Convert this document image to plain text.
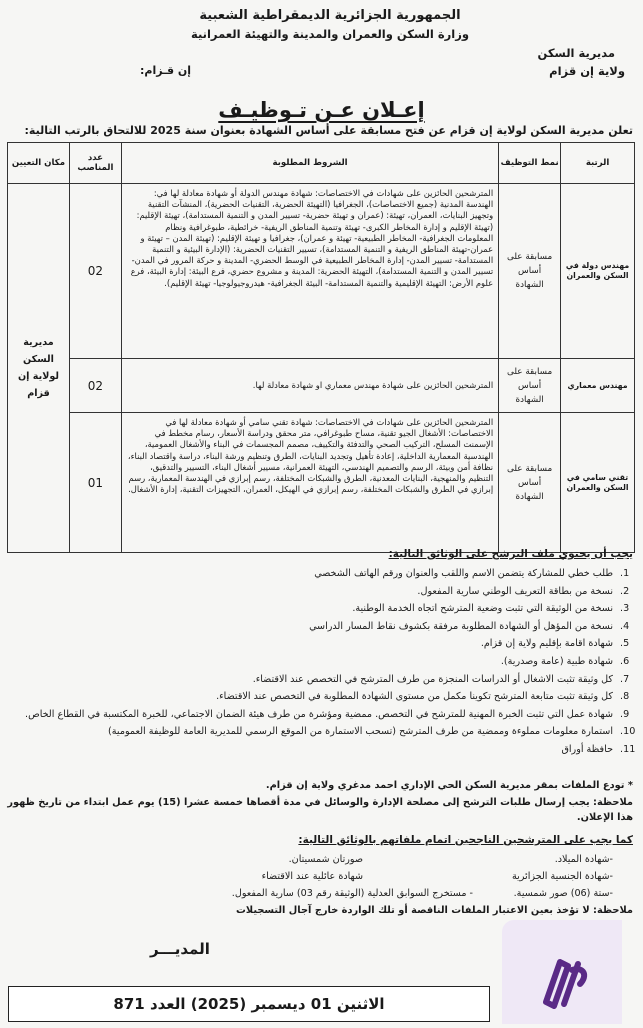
الجمهورية الجزائرية الديمقراطية الشعبية
وزارة السكن والعمران والمدينة والتهيئة العمرانية
مديرية السكن
ولاية إن قزام
إن قـزام:
إعـلان عـن تـوظيـف
تعلن مديرية السكن لولاية إن قزام عن فتح مسابقة على أساس الشهادة بعنوان سنة 2025 للالتحاق بالرتب التالية:
الرتبة	نمط التوظيف	الشروط المطلوبة	عدد المناصب	مكان التعيين
مهندس دولة في السكن والعمران	مسابقة على أساس الشهادة	المترشحين الحائزين على شهادات في الاختصاصات: شهادة مهندس الدولة أو شهادة معادلة لها في: الهندسة المدنية (جميع الاختصاصات)، الجغرافيا (التهيئة الحضرية، التقنيات الحضرية)، المنشآت التقنية وتجهيز البنايات، العمران، تهيئة: (عمران و تهيئة حضرية- تسيير المدن و التنمية المستدامة)، تهيئة الإقليم: (تهيئة الإقليم و إدارة المخاطر الكبرى- تهيئة وتنمية المناطق الريفية- خرائطية، طبوغرافية ونظام المعلومات الجغرافية- المخاطر الطبيعية- تهيئة و عمران)، جغرافيا و تهيئة الإقليم: (تهيئة المدن – تهيئة و عمران-تهيئة المناطق الريفية و التنمية المستدامة)، تسيير التقنيات الحضرية: (الإدارة البيئية و التنمية المستدامة- تسيير المدن- إدارة المخاطر الطبيعية في الوسط الحضري- المدينة و حركة المرور في المدن- تسيير المدن و التنمية المستدامة)، التهيئة الحضرية: المدينة و مشروع حضري، فرع البيئة: إدارة البيئة، فرع علوم الأرض: التهيئة الإقليمية والتنمية المستدامة- البيئة الجغرافية- هيدروجيولوجيا- تهيئة الإقليم).	02	مديرية السكن لولاية إن قزام
مهندس معماري	مسابقة على أساس الشهادة	المترشحين الحائزين على شهادة مهندس معماري او شهادة معادلة لها.	02	
تقني سامي في السكن والعمران	مسابقة على أساس الشهادة	المترشحين الحائزين على شهادات في الاختصاصات: شهادة تقني سامي أو شهادة معادلة لها في الاختصاصات: الأشغال الجيو تقنية، مساح طبوغرافي، متر محقق ودراسة الأسعار، رسام مخطط في الإسمنت المسلح، التركيب الصحي والتدفئة والتكييف، مصمم المجسمات في البناء والأشغال العمومية، الهندسية المعمارية الداخلية، إعادة تأهيل وتجديد البنايات، الطرق وتنظيم ورشة البناء، دراسة واقتصاد البناء، نظافة أمن وبيئة، الرسم والتصميم الهندسي، التهيئة العمرانية، مسيير أشغال البناء، التسيير والتدقيق، التنظيم والمنهجية، البنايات المعدنية، الطرق والشبكات المختلفة، رسم إبرازي في الهندسة المعمارية، رسم إبرازي في الطرق والشبكات المختلفة، رسم إبرازي في الهيكل، العمران، التجهيزات التقنية، إدارة الأشغال.	01	
يجب أن يحتوي ملف الترشح على الوثائق التالية:
1. طلب خطي للمشاركة يتضمن الاسم واللقب والعنوان ورقم الهاتف الشخصي
2. نسخة من بطاقة التعريف الوطني سارية المفعول.
3. نسخة من الوثيقة التي تثبت وضعية المترشح اتجاه الخدمة الوطنية.
4. نسخة من المؤهل أو الشهادة المطلوبة مرفقة بكشوف نقاط المسار الدراسي
5. شهادة اقامة بإقليم ولاية إن قزام.
6. شهادة طبية (عامة وصدرية).
7. كل وثيقة تثبت الاشغال أو الدراسات المنجزة من طرف المترشح في التخصص عند الاقتضاء.
8. كل وثيقة تثبت متابعة المترشح تكوينا مكمل من مستوى الشهادة المطلوبة في التخصص عند الاقتضاء.
9. شهادة عمل التي تثبت الخبرة المهنية للمترشح في التخصص. ممضية ومؤشرة من طرف هيئة الضمان الاجتماعي، للخبرة المكتسبة في القطاع الخاص.
10. استمارة معلومات مملوءة وممضية من طرف المترشح (تسحب الاستمارة من الموقع الرسمي للمديرية العامة للوظيفة العمومية)
11. حافظة أوراق
* تودع الملفات بمقر مديرية السكن الحي الإداري احمد مدغري ولاية إن قزام.
ملاحظة: يجب إرسال طلبات الترشح إلى مصلحة الإدارة والوسائل في مدة أقصاها خمسة عشرا (15) يوم عمل ابتداء من تاريخ ظهور هذا الإعلان.
كما يجب على المترشحين الناجحين اتمام ملفاتهم بالوثائق التالية:
-شهادة الميلاد.
صورتان شمسيتان.
-شهادة الجنسية الجزائرية
شهادة عائلية عند الاقتضاء
-ستة (06) صور شمسية.
- مستخرج السوابق العدلية (الوثيقة رقم 03) سارية المفعول.
ملاحظة: لا تؤخذ بعين الاعتبار الملفات الناقصة أو تلك الواردة خارج آجال التسجيلات
المديـــر
الاثنين 01 ديسمبر (2025) العدد 871
